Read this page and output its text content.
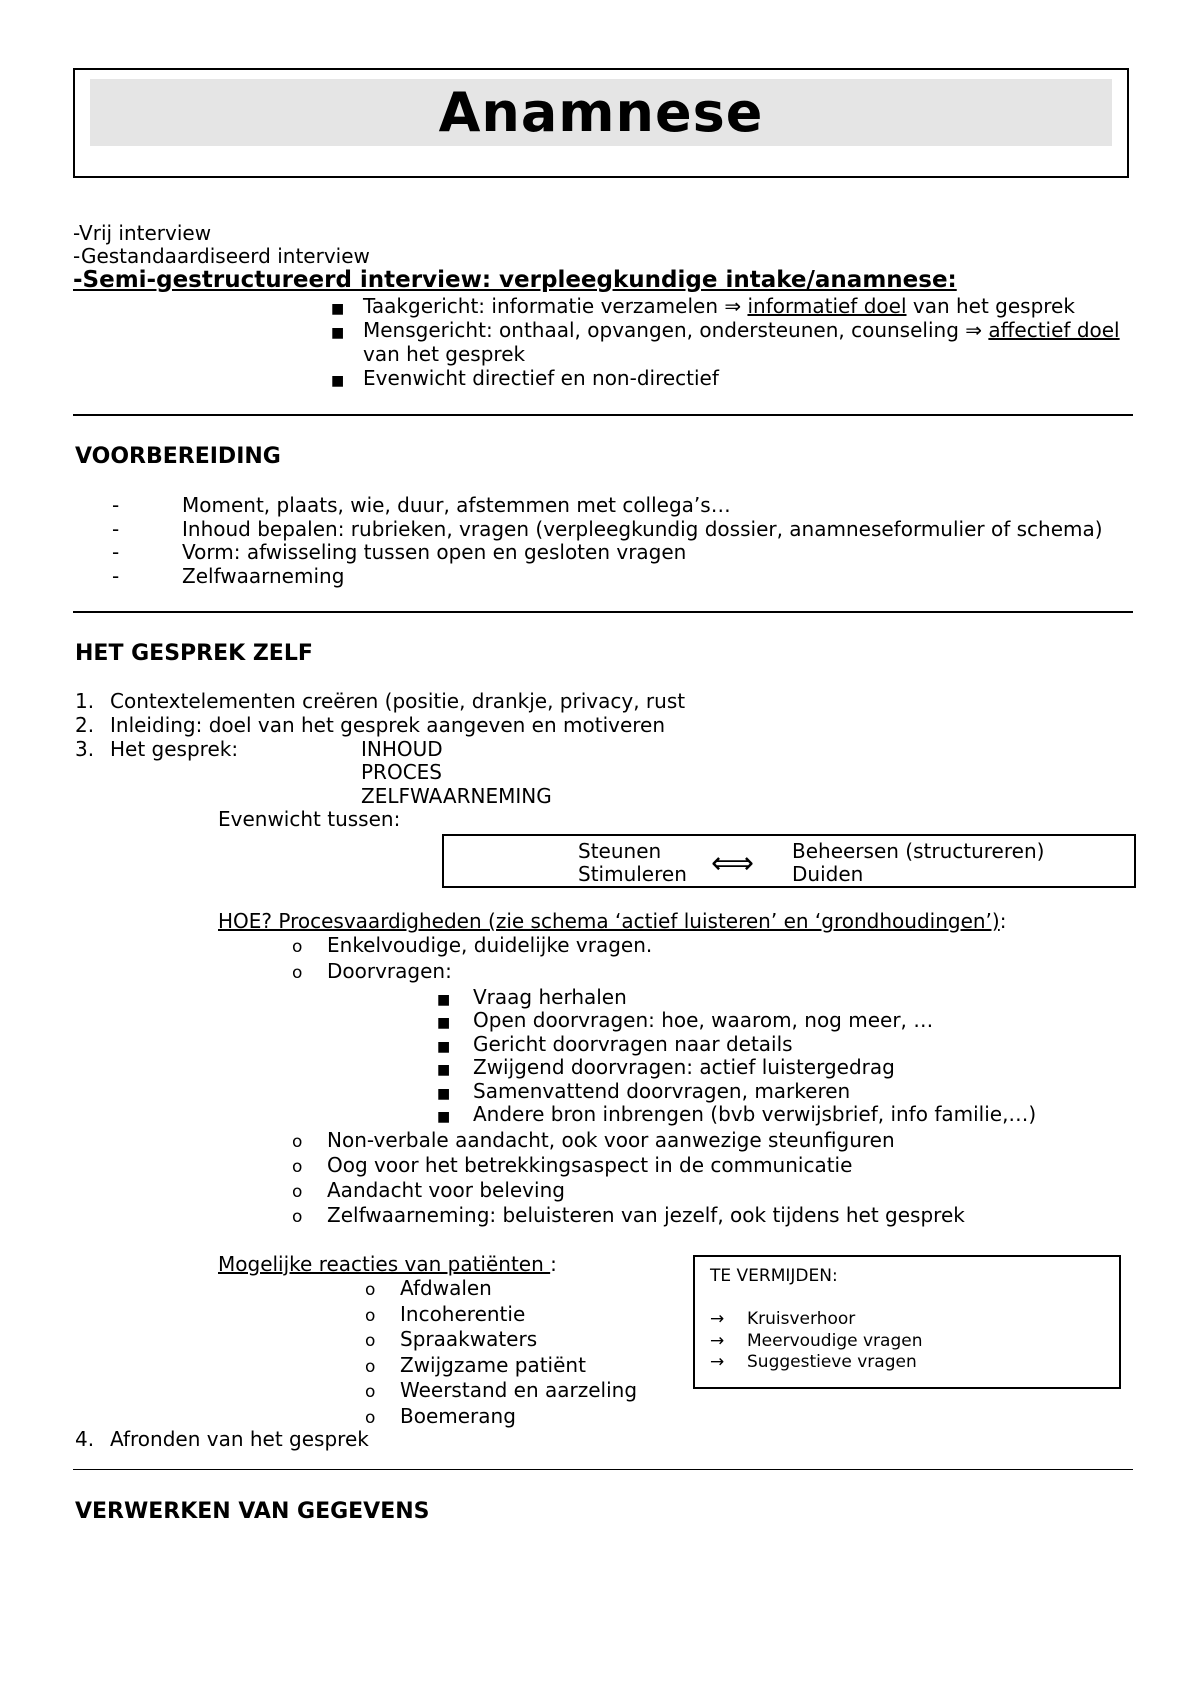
Anamnese
-Vrij interview
-Gestandaardiseerd interview
-Semi-gestructureerd interview: verpleegkundige intake/anamnese:
■ Taakgericht: informatie verzamelen ⇒ informatief doel van het gesprek
■ Mensgericht: onthaal, opvangen, ondersteunen, counseling ⇒ affectief doel
van het gesprek
■ Evenwicht directief en non-directief
VOORBEREIDING
-	Moment, plaats, wie, duur, afstemmen met collega’s…
-	Inhoud bepalen: rubrieken, vragen (verpleegkundig dossier, anamneseformulier of schema)
-	Vorm: afwisseling tussen open en gesloten vragen
-	Zelfwaarneming
HET GESPREK ZELF
1. Contextelementen creëren (positie, drankje, privacy, rust
2. Inleiding: doel van het gesprek aangeven en motiveren
3. Het gesprek:	INHOUD
PROCES
ZELFWAARNEMING
Evenwicht tussen:
Steunen
Stimuleren ⟺ Beheersen (structureren)
Duiden
HOE? Procesvaardigheden (zie schema ‘actief luisteren’ en ‘grondhoudingen’):
o Enkelvoudige, duidelijke vragen.
o Doorvragen:
■ Vraag herhalen
■ Open doorvragen: hoe, waarom, nog meer, …
■ Gericht doorvragen naar details
■ Zwijgend doorvragen: actief luistergedrag
■ Samenvattend doorvragen, markeren
■ Andere bron inbrengen (bvb verwijsbrief, info familie,…)
o Non-verbale aandacht, ook voor aanwezige steunfiguren
o Oog voor het betrekkingsaspect in de communicatie
o Aandacht voor beleving
o Zelfwaarneming: beluisteren van jezelf, ook tijdens het gesprek
Mogelijke reacties van patiënten :
o Afdwalen
o Incoherentie
o Spraakwaters
o Zwijgzame patiënt
o Weerstand en aarzeling
o Boemerang
TE VERMIJDEN:
→ Kruisverhoor
→ Meervoudige vragen
→ Suggestieve vragen
4. Afronden van het gesprek
VERWERKEN VAN GEGEVENS
